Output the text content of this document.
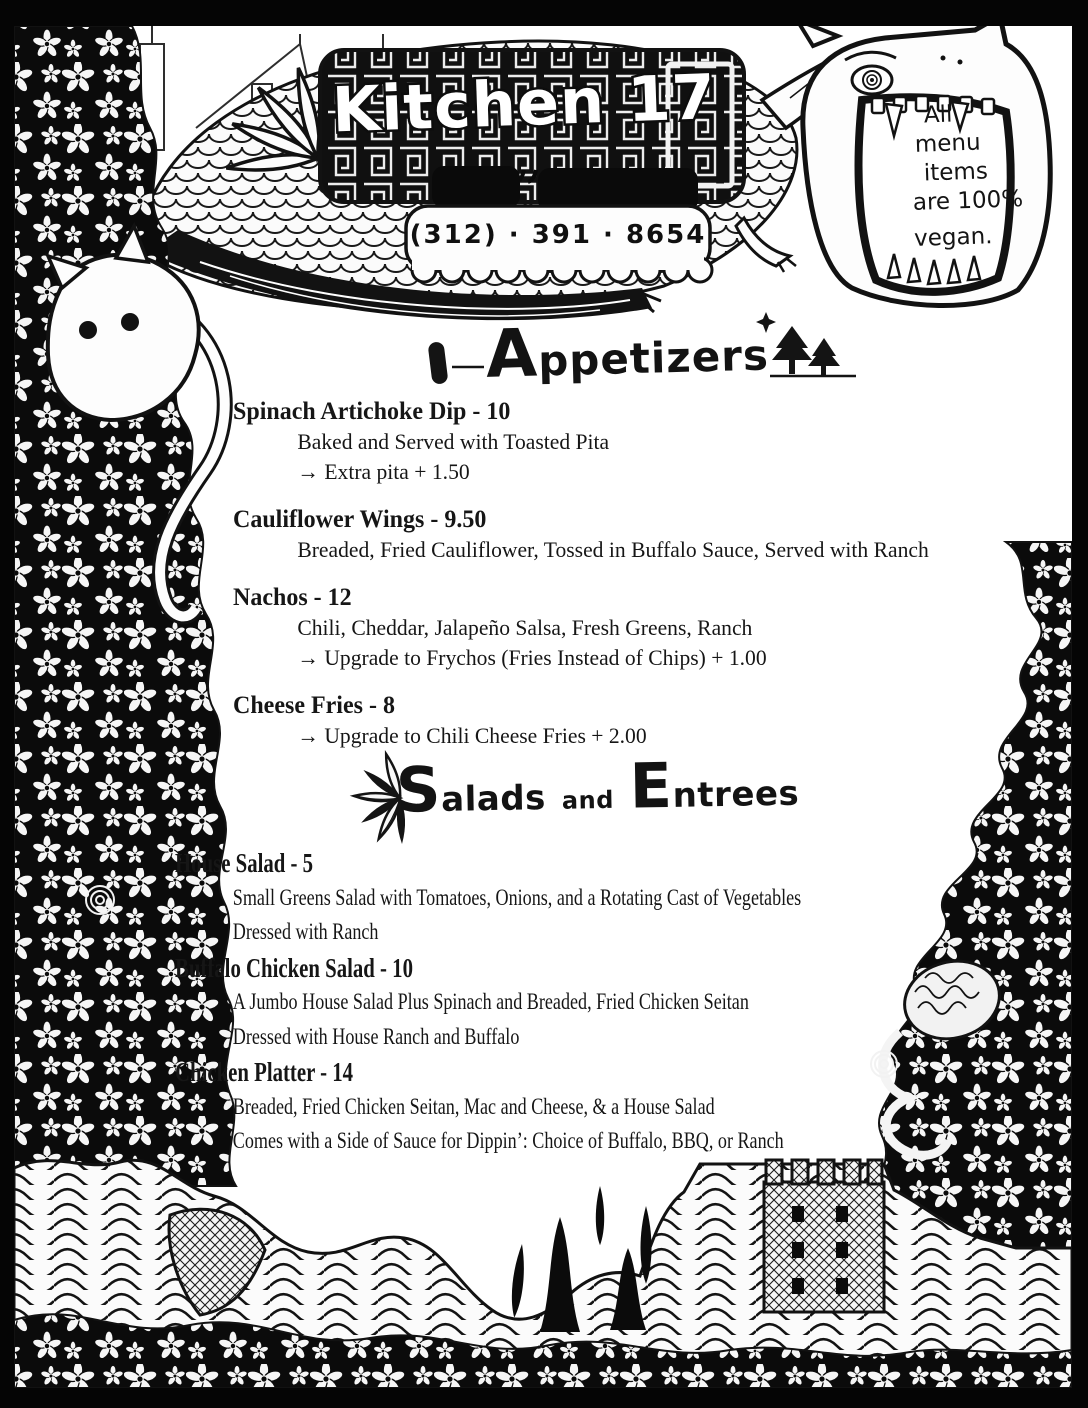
Kitchen 17
(312) · 391 · 8654
All
menu
items
are 100%
vegan.
Appetizers
Spinach Artichoke Dip - 10
Baked and Served with Toasted Pita
→ Extra pita + 1.50
Cauliflower Wings - 9.50
Breaded, Fried Cauliflower, Tossed in Buffalo Sauce, Served with Ranch
Nachos - 12
Chili, Cheddar, Jalapeño Salsa, Fresh Greens, Ranch
→ Upgrade to Frychos (Fries Instead of Chips) + 1.00
Cheese Fries - 8
→ Upgrade to Chili Cheese Fries + 2.00
Salads and Entrees
House Salad - 5
Small Greens Salad with Tomatoes, Onions, and a Rotating Cast of Vegetables
Dressed with Ranch
Buffalo Chicken Salad - 10
A Jumbo House Salad Plus Spinach and Breaded, Fried Chicken Seitan
Dressed with House Ranch and Buffalo
Chicken Platter - 14
Breaded, Fried Chicken Seitan, Mac and Cheese, & a House Salad
Comes with a Side of Sauce for Dippin’: Choice of Buffalo, BBQ, or Ranch
